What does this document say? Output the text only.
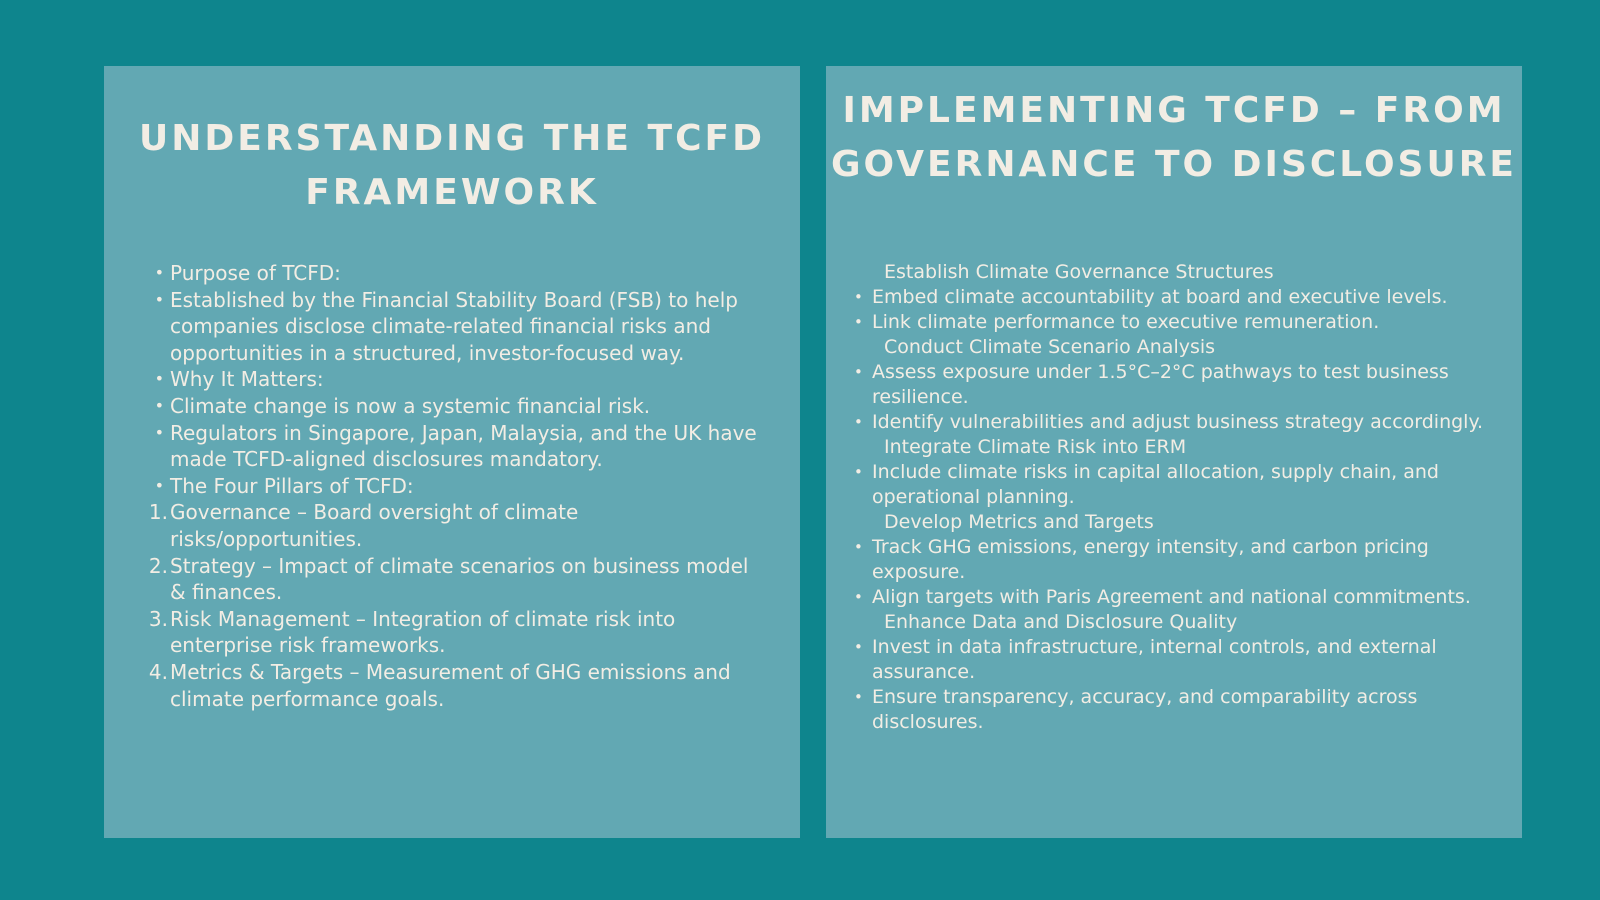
UNDERSTANDING THE TCFD FRAMEWORK
• Purpose of TCFD:
• Established by the Financial Stability Board (FSB) to help companies disclose climate-related financial risks and opportunities in a structured, investor-focused way.
• Why It Matters:
• Climate change is now a systemic financial risk.
• Regulators in Singapore, Japan, Malaysia, and the UK have made TCFD-aligned disclosures mandatory.
• The Four Pillars of TCFD:
1. Governance – Board oversight of climate risks/opportunities.
2. Strategy – Impact of climate scenarios on business model & finances.
3. Risk Management – Integration of climate risk into enterprise risk frameworks.
4. Metrics & Targets – Measurement of GHG emissions and climate performance goals.
IMPLEMENTING TCFD – FROM GOVERNANCE TO DISCLOSURE
Establish Climate Governance Structures
• Embed climate accountability at board and executive levels.
• Link climate performance to executive remuneration.
Conduct Climate Scenario Analysis
• Assess exposure under 1.5°C–2°C pathways to test business resilience.
• Identify vulnerabilities and adjust business strategy accordingly.
Integrate Climate Risk into ERM
• Include climate risks in capital allocation, supply chain, and operational planning.
Develop Metrics and Targets
• Track GHG emissions, energy intensity, and carbon pricing exposure.
• Align targets with Paris Agreement and national commitments.
Enhance Data and Disclosure Quality
• Invest in data infrastructure, internal controls, and external assurance.
• Ensure transparency, accuracy, and comparability across disclosures.
